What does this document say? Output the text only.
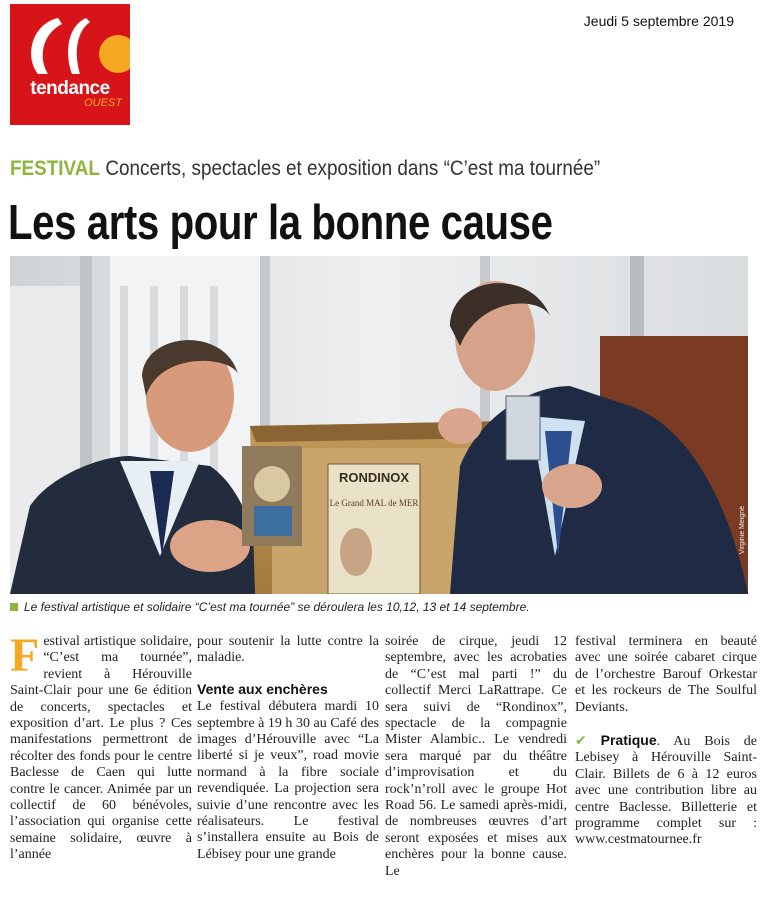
tendance
OUEST
Jeudi 5 septembre 2019
FESTIVAL Concerts, spectacles et exposition dans “C’est ma tournée”
Les arts pour la bonne cause
RONDINOX
Le Grand MAL de MER
Virginie Meigné
Le festival artistique et solidaire “C’est ma tournée” se déroulera les 10,12, 13 et 14 septembre.
F estival artistique solidaire, “C’est ma tournée”, revient à Hérouville Saint-Clair pour une 6e édition de concerts, spectacles et exposition d’art. Le plus ? Ces manifestations permettront de récolter des fonds pour le centre Baclesse de Caen qui lutte contre le cancer. Animée par un collectif de 60 bénévoles, l’association qui organise cette semaine solidaire, œuvre à l’année

pour soutenir la lutte contre la maladie.

Vente aux enchères

Le festival débutera mardi 10 septembre à 19 h 30 au Café des images d’Hérouville avec “La liberté si je veux”, road movie normand à la fibre sociale revendiquée. La projection sera suivie d’une rencontre avec les réalisateurs. Le festival s’installera ensuite au Bois de Lébisey pour une grande

soirée de cirque, jeudi 12 septembre, avec les acrobaties de “C’est mal parti !” du collectif Merci LaRattrape. Ce sera suivi de “Rondinox”, spectacle de la compagnie Mister Alambic.. Le vendredi sera marqué par du théâtre d’improvisation et du rock’n’roll avec le groupe Hot Road 56. Le samedi après-midi, de nombreuses œuvres d’art seront exposées et mises aux enchères pour la bonne cause. Le

festival terminera en beauté avec une soirée cabaret cirque de l’orchestre Barouf Orkestar et les rockeurs de The Soulful Deviants.

✔ Pratique. Au Bois de Lebisey à Hérouville Saint-Clair. Billets de 6 à 12 euros avec une contribution libre au centre Baclesse. Billetterie et programme complet sur : www.cestmatournee.fr
